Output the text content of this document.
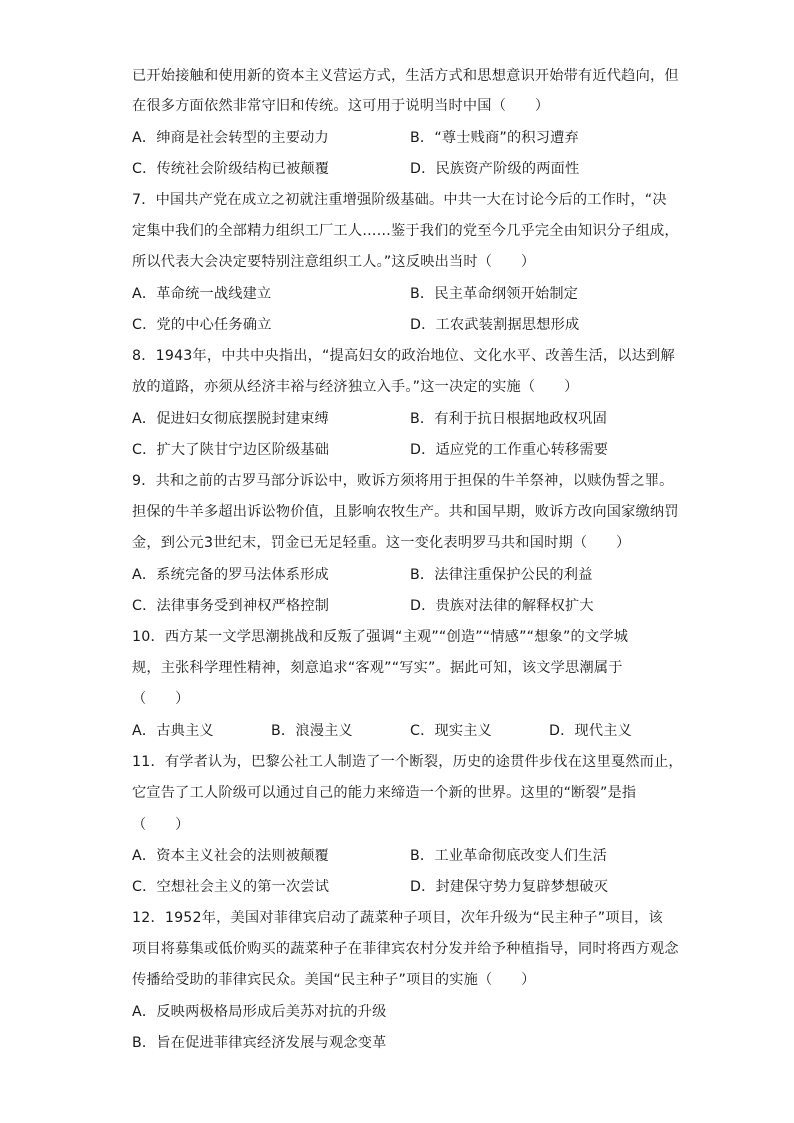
已开始接触和使用新的资本主义营运方式，生活方式和思想意识开始带有近代趋向，但
在很多方面依然非常守旧和传统。这可用于说明当时中国（　　）
A．绅商是社会转型的主要动力	B．“尊士贱商”的积习遭弃
C．传统社会阶级结构已被颠覆	D．民族资产阶级的两面性
7．中国共产党在成立之初就注重增强阶级基础。中共一大在讨论今后的工作时，“决
定集中我们的全部精力组织工厂工人……鉴于我们的党至今几乎完全由知识分子组成，
所以代表大会决定要特别注意组织工人。”这反映出当时（　　）
A．革命统一战线建立	B．民主革命纲领开始制定
C．党的中心任务确立	D．工农武装割据思想形成
8．1943年，中共中央指出，“提高妇女的政治地位、文化水平、改善生活，以达到解
放的道路，亦须从经济丰裕与经济独立入手。”这一决定的实施（　　）
A．促进妇女彻底摆脱封建束缚	B．有利于抗日根据地政权巩固
C．扩大了陕甘宁边区阶级基础	D．适应党的工作重心转移需要
9．共和之前的古罗马部分诉讼中，败诉方须将用于担保的牛羊祭神，以赎伪誓之罪。
担保的牛羊多超出诉讼物价值，且影响农牧生产。共和国早期，败诉方改向国家缴纳罚
金，到公元3世纪末，罚金已无足轻重。这一变化表明罗马共和国时期（　　）
A．系统完备的罗马法体系形成	B．法律注重保护公民的利益
C．法律事务受到神权严格控制	D．贵族对法律的解释权扩大
10．西方某一文学思潮挑战和反叛了强调“主观”“创造”“情感”“想象”的文学城
规，主张科学理性精神，刻意追求“客观”“写实”。据此可知，该文学思潮属于
（　　）
A．古典主义	B．浪漫主义	C．现实主义	D．现代主义
11．有学者认为，巴黎公社工人制造了一个断裂，历史的途贯件步伐在这里戛然而止，
它宣告了工人阶级可以通过自己的能力来缔造一个新的世界。这里的“断裂”是指
（　　）
A．资本主义社会的法则被颠覆	B．工业革命彻底改变人们生活
C．空想社会主义的第一次尝试	D．封建保守势力复辟梦想破灭
12．1952年，美国对菲律宾启动了蔬菜种子项目，次年升级为“民主种子”项目，该
项目将募集或低价购买的蔬菜种子在菲律宾农村分发并给予种植指导，同时将西方观念
传播给受助的菲律宾民众。美国“民主种子”项目的实施（　　）
A．反映两极格局形成后美苏对抗的升级
B．旨在促进菲律宾经济发展与观念变革
